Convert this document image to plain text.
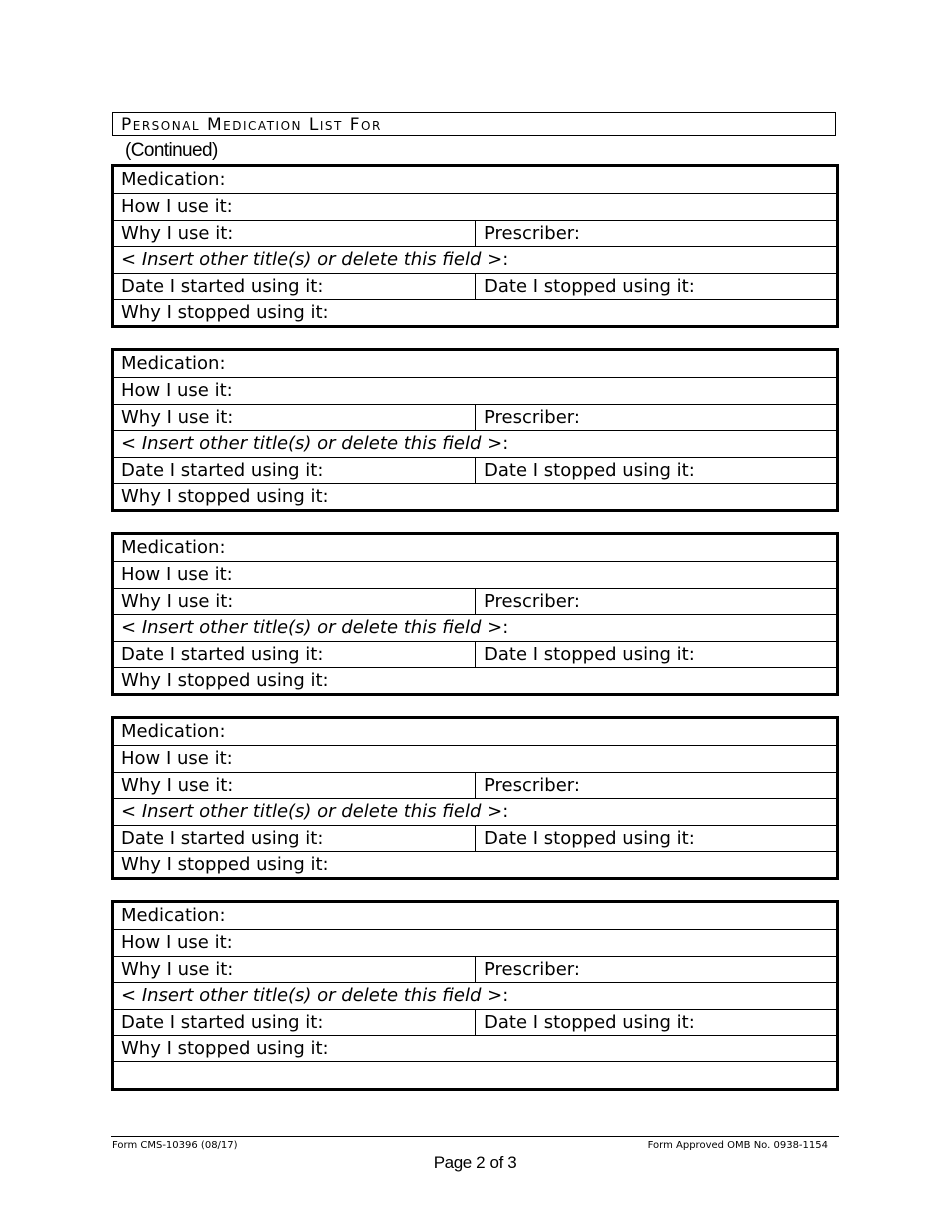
Personal Medication List For
(Continued)
Medication:
How I use it:
Why I use it:	Prescriber:
< Insert other title(s) or delete this field >:
Date I started using it:	Date I stopped using it:
Why I stopped using it:
Medication:
How I use it:
Why I use it:	Prescriber:
< Insert other title(s) or delete this field >:
Date I started using it:	Date I stopped using it:
Why I stopped using it:
Medication:
How I use it:
Why I use it:	Prescriber:
< Insert other title(s) or delete this field >:
Date I started using it:	Date I stopped using it:
Why I stopped using it:
Medication:
How I use it:
Why I use it:	Prescriber:
< Insert other title(s) or delete this field >:
Date I started using it:	Date I stopped using it:
Why I stopped using it:
Medication:
How I use it:
Why I use it:	Prescriber:
< Insert other title(s) or delete this field >:
Date I started using it:	Date I stopped using it:
Why I stopped using it:
Form CMS-10396 (08/17)	Form Approved OMB No. 0938-1154
Page 2 of 3
